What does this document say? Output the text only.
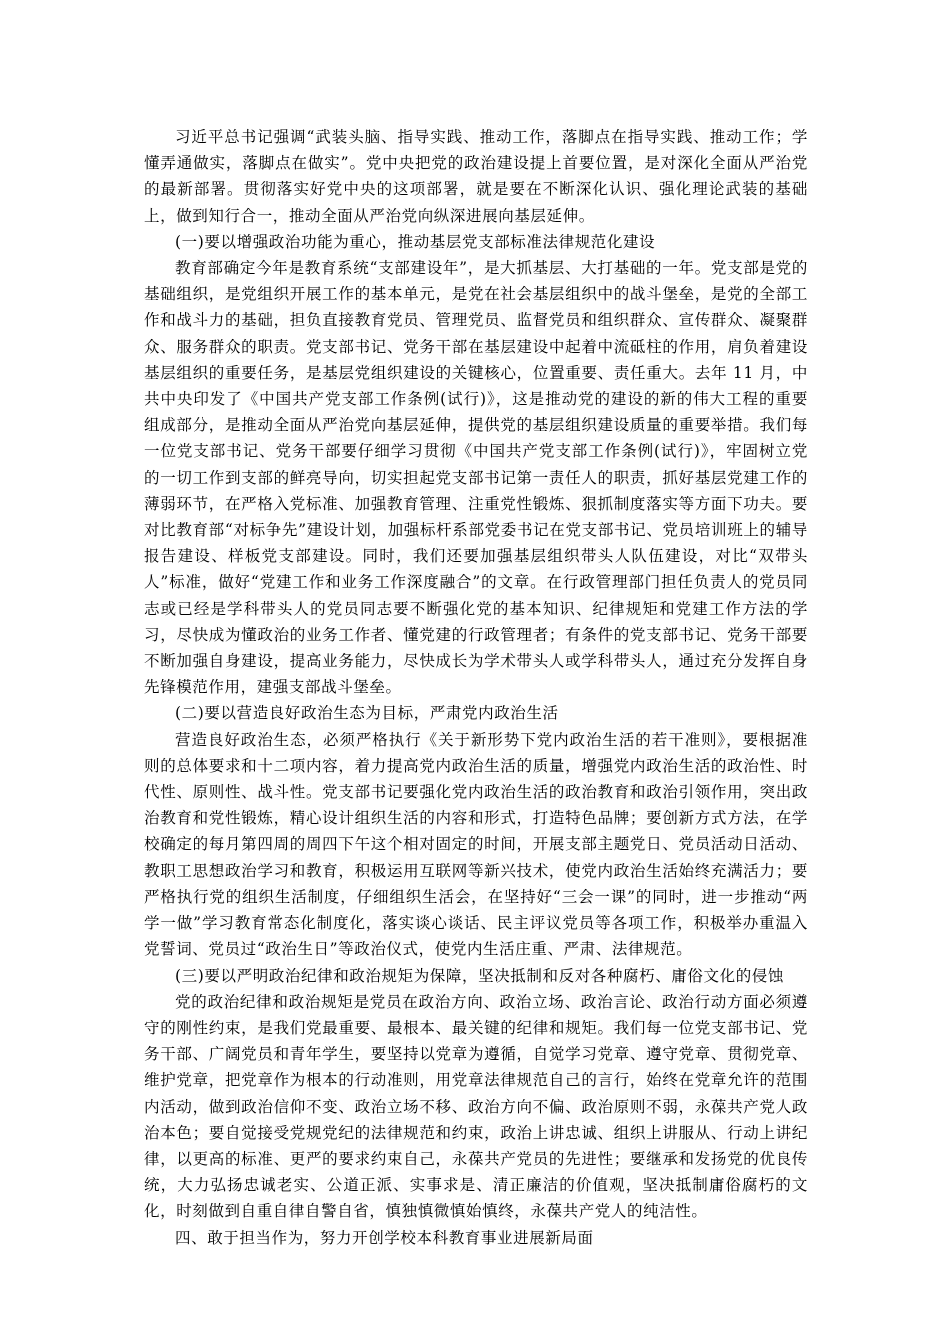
习近平总书记强调“武装头脑、指导实践、推动工作，落脚点在指导实践、推动工作；学懂弄通做实，落脚点在做实”。党中央把党的政治建设提上首要位置，是对深化全面从严治党的最新部署。贯彻落实好党中央的这项部署，就是要在不断深化认识、强化理论武装的基础上，做到知行合一，推动全面从严治党向纵深进展向基层延伸。

(一)要以增强政治功能为重心，推动基层党支部标准法律规范化建设

教育部确定今年是教育系统“支部建设年”，是大抓基层、大打基础的一年。党支部是党的基础组织，是党组织开展工作的基本单元，是党在社会基层组织中的战斗堡垒，是党的全部工作和战斗力的基础，担负直接教育党员、管理党员、监督党员和组织群众、宣传群众、凝聚群众、服务群众的职责。党支部书记、党务干部在基层建设中起着中流砥柱的作用，肩负着建设基层组织的重要任务，是基层党组织建设的关键核心，位置重要、责任重大。去年 11 月，中共中央印发了《中国共产党支部工作条例(试行)》，这是推动党的建设的新的伟大工程的重要组成部分，是推动全面从严治党向基层延伸，提供党的基层组织建设质量的重要举措。我们每一位党支部书记、党务干部要仔细学习贯彻《中国共产党支部工作条例(试行)》，牢固树立党的一切工作到支部的鲜亮导向，切实担起党支部书记第一责任人的职责，抓好基层党建工作的薄弱环节，在严格入党标准、加强教育管理、注重党性锻炼、狠抓制度落实等方面下功夫。要对比教育部“对标争先”建设计划，加强标杆系部党委书记在党支部书记、党员培训班上的辅导报告建设、样板党支部建设。同时，我们还要加强基层组织带头人队伍建设，对比“双带头人”标准，做好“党建工作和业务工作深度融合”的文章。在行政管理部门担任负责人的党员同志或已经是学科带头人的党员同志要不断强化党的基本知识、纪律规矩和党建工作方法的学习，尽快成为懂政治的业务工作者、懂党建的行政管理者；有条件的党支部书记、党务干部要不断加强自身建设，提高业务能力，尽快成长为学术带头人或学科带头人，通过充分发挥自身先锋模范作用，建强支部战斗堡垒。

(二)要以营造良好政治生态为目标，严肃党内政治生活

营造良好政治生态，必须严格执行《关于新形势下党内政治生活的若干准则》，要根据准则的总体要求和十二项内容，着力提高党内政治生活的质量，增强党内政治生活的政治性、时代性、原则性、战斗性。党支部书记要强化党内政治生活的政治教育和政治引领作用，突出政治教育和党性锻炼，精心设计组织生活的内容和形式，打造特色品牌；要创新方式方法，在学校确定的每月第四周的周四下午这个相对固定的时间，开展支部主题党日、党员活动日活动、教职工思想政治学习和教育，积极运用互联网等新兴技术，使党内政治生活始终充满活力；要严格执行党的组织生活制度，仔细组织生活会，在坚持好“三会一课”的同时，进一步推动“两学一做”学习教育常态化制度化，落实谈心谈话、民主评议党员等各项工作，积极举办重温入党誓词、党员过“政治生日”等政治仪式，使党内生活庄重、严肃、法律规范。

(三)要以严明政治纪律和政治规矩为保障，坚决抵制和反对各种腐朽、庸俗文化的侵蚀

党的政治纪律和政治规矩是党员在政治方向、政治立场、政治言论、政治行动方面必须遵守的刚性约束，是我们党最重要、最根本、最关键的纪律和规矩。我们每一位党支部书记、党务干部、广阔党员和青年学生，要坚持以党章为遵循，自觉学习党章、遵守党章、贯彻党章、维护党章，把党章作为根本的行动准则，用党章法律规范自己的言行，始终在党章允许的范围内活动，做到政治信仰不变、政治立场不移、政治方向不偏、政治原则不弱，永葆共产党人政治本色；要自觉接受党规党纪的法律规范和约束，政治上讲忠诚、组织上讲服从、行动上讲纪律，以更高的标准、更严的要求约束自己，永葆共产党员的先进性；要继承和发扬党的优良传统，大力弘扬忠诚老实、公道正派、实事求是、清正廉洁的价值观，坚决抵制庸俗腐朽的文化，时刻做到自重自律自警自省，慎独慎微慎始慎终，永葆共产党人的纯洁性。

四、敢于担当作为，努力开创学校本科教育事业进展新局面
